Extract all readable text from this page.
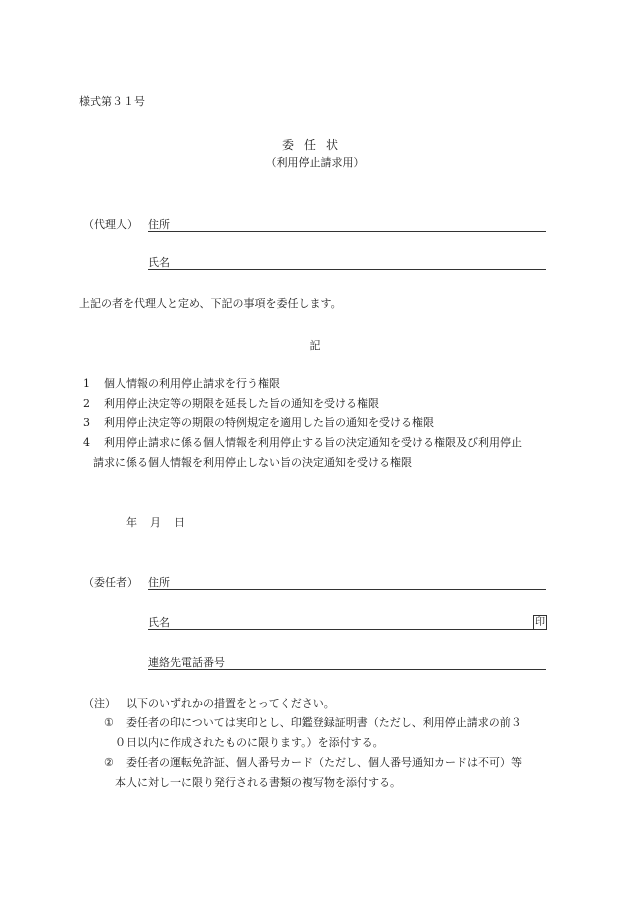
様式第３１号
委任状
（利用停止請求用）
（代理人） 住所
氏名
上記の者を代理人と定め、下記の事項を委任します。
記
1 個人情報の利用停止請求を行う権限
2 利用停止決定等の期限を延長した旨の通知を受ける権限
3 利用停止決定等の期限の特例規定を適用した旨の通知を受ける権限
4 利用停止請求に係る個人情報を利用停止する旨の決定通知を受ける権限及び利用停止
請求に係る個人情報を利用停止しない旨の決定通知を受ける権限
年 月 日
（委任者） 住所
氏名	印
連絡先電話番号
（注） 以下のいずれかの措置をとってください。
① 委任者の印については実印とし、印鑑登録証明書（ただし、利用停止請求の前３
０日以内に作成されたものに限ります。）を添付する。
② 委任者の運転免許証、個人番号カード（ただし、個人番号通知カードは不可）等
本人に対し一に限り発行される書類の複写物を添付する。
